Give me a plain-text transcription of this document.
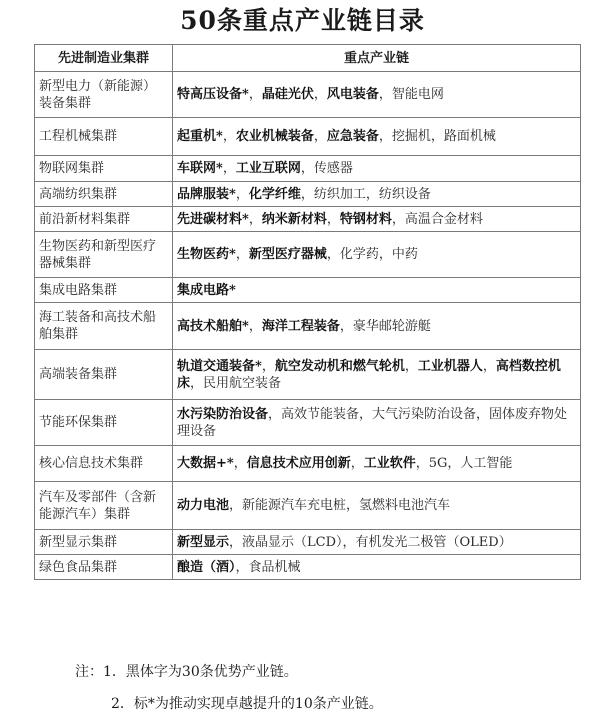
50条重点产业链目录
先进制造业集群	重点产业链
新型电力（新能源）装备集群	特高压设备*，晶硅光伏，风电装备，智能电网
工程机械集群	起重机*，农业机械装备，应急装备，挖掘机，路面机械
物联网集群	车联网*，工业互联网，传感器
高端纺织集群	品牌服装*，化学纤维，纺织加工，纺织设备
前沿新材料集群	先进碳材料*，纳米新材料，特钢材料，高温合金材料
生物医药和新型医疗器械集群	生物医药*，新型医疗器械，化学药，中药
集成电路集群	集成电路*
海工装备和高技术船舶集群	高技术船舶*，海洋工程装备，豪华邮轮游艇
高端装备集群	轨道交通装备*，航空发动机和燃气轮机，工业机器人，高档数控机床，民用航空装备
节能环保集群	水污染防治设备，高效节能装备，大气污染防治设备，固体废弃物处理设备
核心信息技术集群	大数据+*，信息技术应用创新，工业软件，5G，人工智能
汽车及零部件（含新能源汽车）集群	动力电池，新能源汽车充电桩，氢燃料电池汽车
新型显示集群	新型显示，液晶显示（LCD），有机发光二极管（OLED）
绿色食品集群	酿造（酒），食品机械
注：1．黑体字为30条优势产业链。
2．标*为推动实现卓越提升的10条产业链。
